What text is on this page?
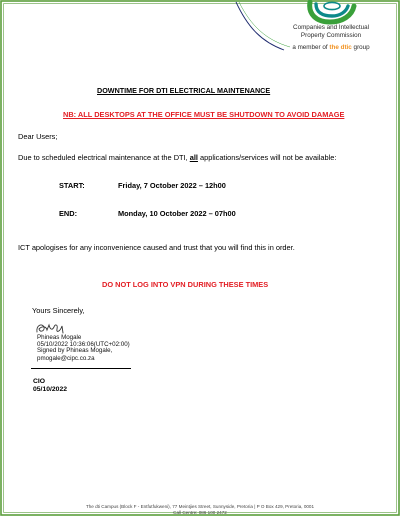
Companies and Intellectual
Property Commission
a member of the dtic group
DOWNTIME FOR DTI ELECTRICAL MAINTENANCE
NB: ALL DESKTOPS AT THE OFFICE MUST BE SHUTDOWN TO AVOID DAMAGE
Dear Users;
Due to scheduled electrical maintenance at the DTI, all applications/services will not be available:
START:	Friday, 7 October 2022 – 12h00
END:	Monday, 10 October 2022 – 07h00
ICT apologises for any inconvenience caused and trust that you will find this in order.
DO NOT LOG INTO VPN DURING THESE TIMES
Yours Sincerely,
Phineas Mogale
05/10/2022 10:36:06(UTC+02:00)
Signed by Phineas Mogale,
pmogale@cipc.co.za
CIO
05/10/2022
The dti Campus (Block F - Entfutfukweni), 77 Meintjies Street, Sunnyside, Pretoria | P O Box 429, Pretoria, 0001
Call Centre: 086 100 2472
